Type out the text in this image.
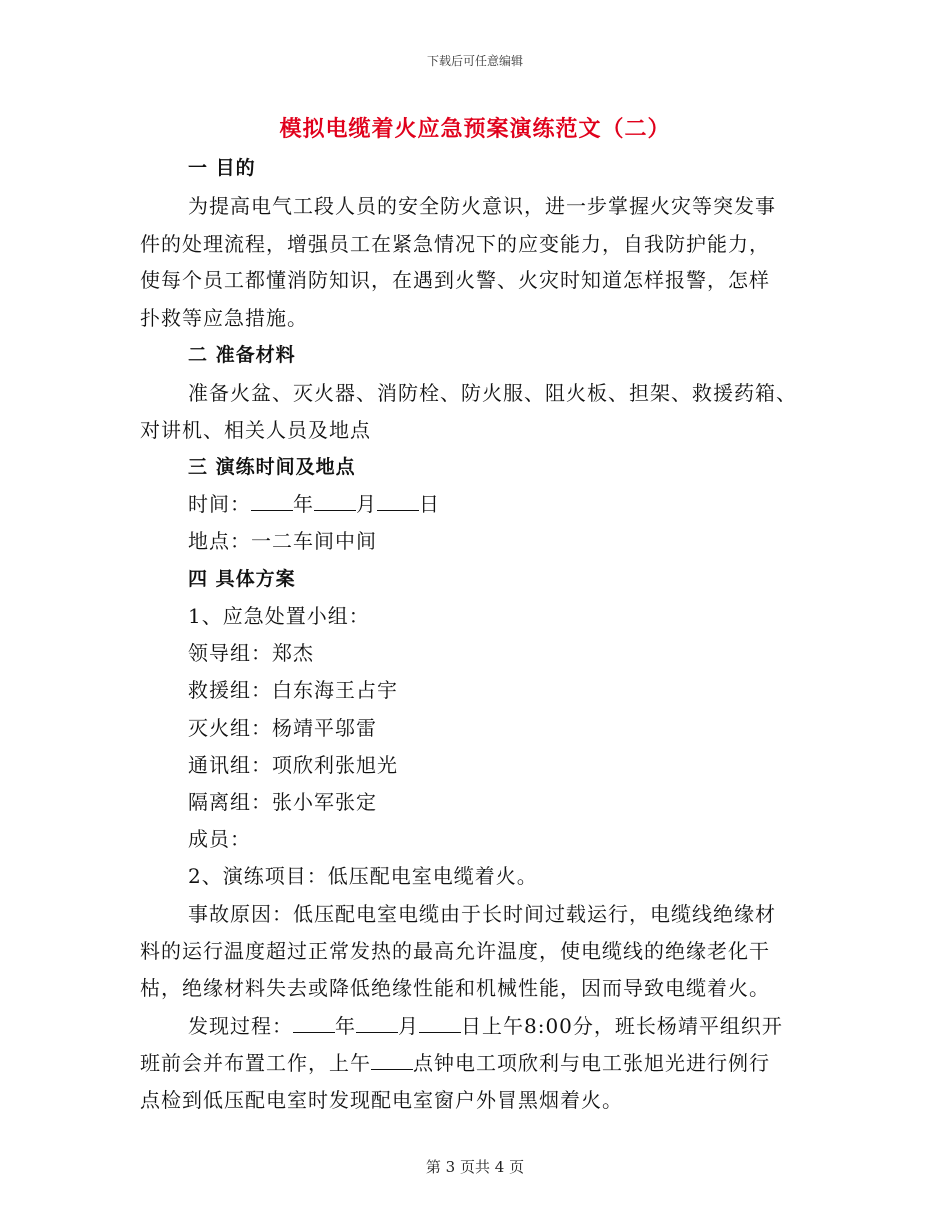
下载后可任意编辑
模拟电缆着火应急预案演练范文（二）
一 目的
为提高电气工段人员的安全防火意识，进一步掌握火灾等突发事
件的处理流程，增强员工在紧急情况下的应变能力，自我防护能力，
使每个员工都懂消防知识，在遇到火警、火灾时知道怎样报警，怎样
扑救等应急措施。
二 准备材料
准备火盆、灭火器、消防栓、防火服、阻火板、担架、救援药箱、
对讲机、相关人员及地点
三 演练时间及地点
时间： 年 月 日
地点：一二车间中间
四 具体方案
1、应急处置小组：
领导组：郑杰
救援组：白东海王占宇
灭火组：杨靖平邬雷
通讯组：项欣利张旭光
隔离组：张小军张定
成员：
2、演练项目：低压配电室电缆着火。
事故原因：低压配电室电缆由于长时间过载运行，电缆线绝缘材
料的运行温度超过正常发热的最高允许温度，使电缆线的绝缘老化干
枯，绝缘材料失去或降低绝缘性能和机械性能，因而导致电缆着火。
发现过程： 年 月 日上午8:00分，班长杨靖平组织开
班前会并布置工作，上午 点钟电工项欣利与电工张旭光进行例行
点检到低压配电室时发现配电室窗户外冒黑烟着火。
第 3 页共 4 页
